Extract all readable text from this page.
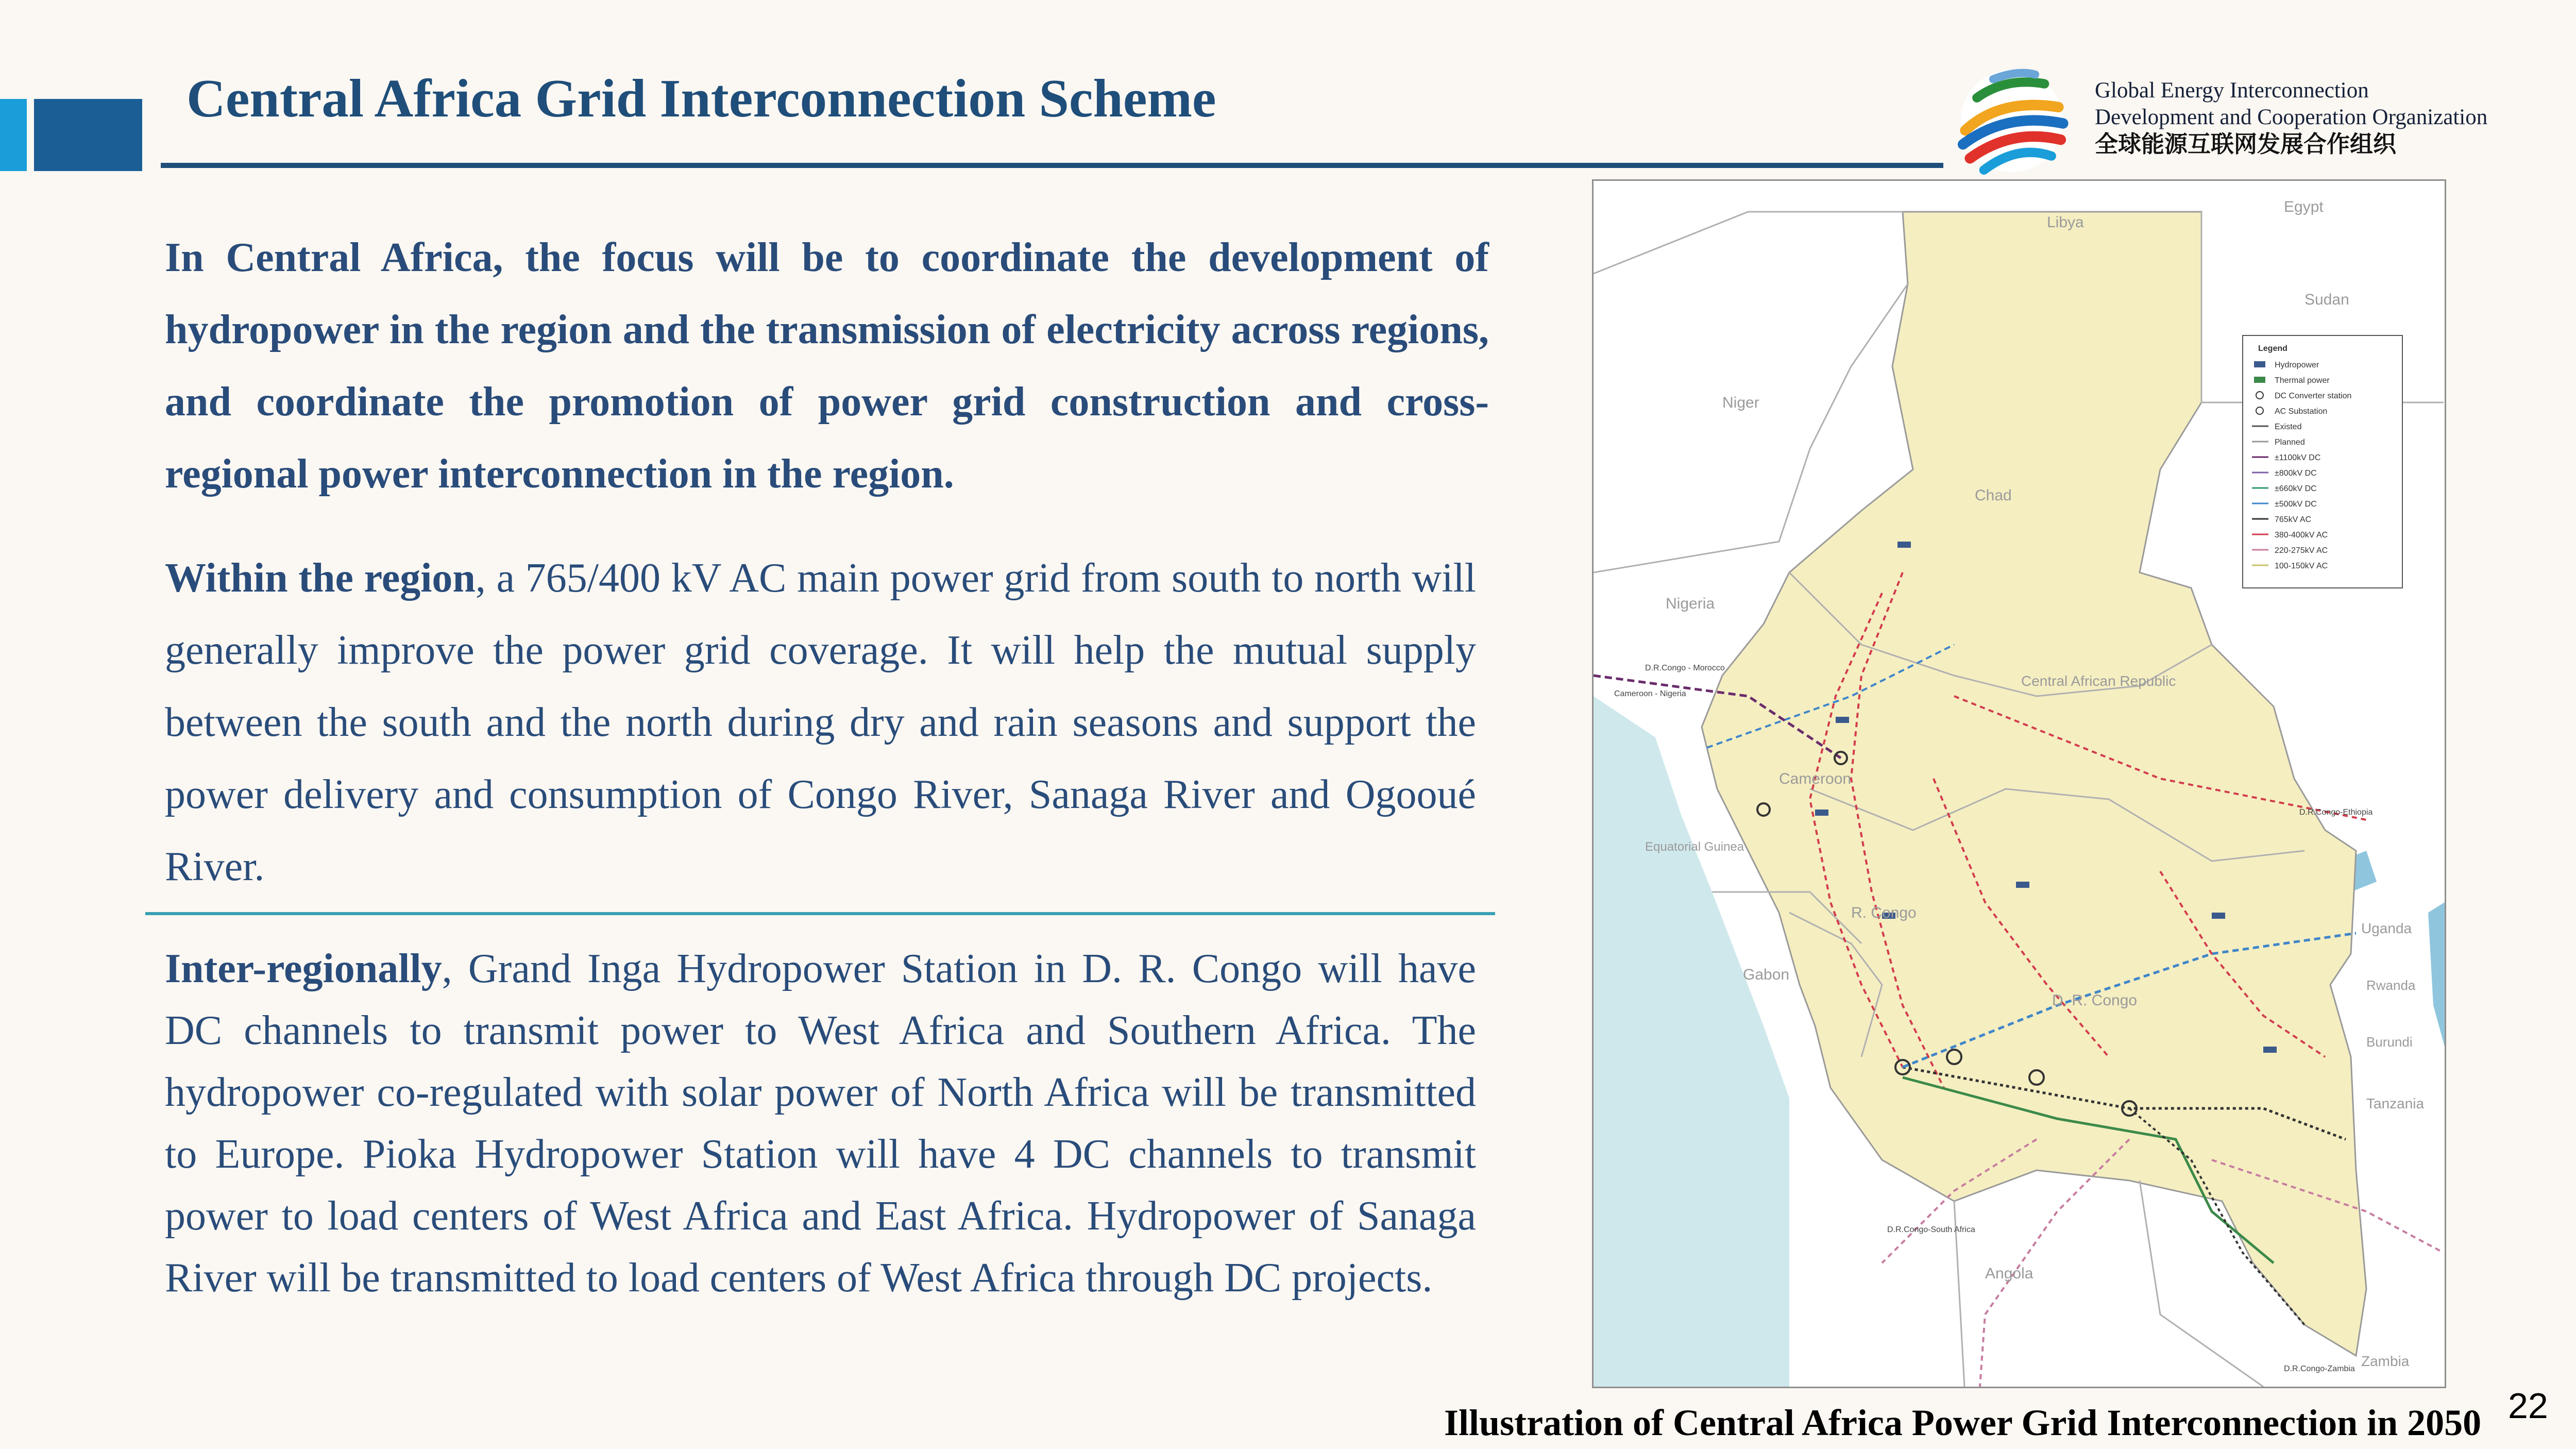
Central Africa Grid Interconnection Scheme	Global Energy Interconnection
Development and Cooperation Organization
全球能源互联网发展合作组织
In Central Africa, the focus will be to coordinate the development of hydropower in the region and the transmission of electricity across regions, and coordinate the promotion of power grid construction and cross-regional power interconnection in the region.
Within the region, a 765/400 kV AC main power grid from south to north will generally improve the power grid coverage. It will help the mutual supply between the south and the north during dry and rain seasons and support the power delivery and consumption of Congo River, Sanaga River and Ogooué River.
Inter-regionally, Grand Inga Hydropower Station in D. R. Congo will have DC channels to transmit power to West Africa and Southern Africa. The hydropower co-regulated with solar power of North Africa will be transmitted to Europe. Pioka Hydropower Station will have 4 DC channels to transmit power to load centers of West Africa and East Africa. Hydropower of Sanaga River will be transmitted to load centers of West Africa through DC projects.
Legend
Hydropower
Thermal power
DC Converter station
AC Substation
Existed
Planned
±1100kV DC
±800kV DC
±660kV DC
±500kV DC
765kV AC
380-400kV AC
220-275kV AC
100-150kV AC
Libya
Egypt
Sudan
Niger
Chad
Nigeria
Central African Republic
Cameroon
Equatorial Guinea
Gabon
R. Congo
D. R. Congo
Uganda
Rwanda
Burundi
Tanzania
Angola
Zambia
D.R.Congo - Morocco
Cameroon - Nigeria
D.R.Congo-Ethiopia
D.R.Congo-South Africa
D.R.Congo-Zambia
Illustration of Central Africa Power Grid Interconnection in 2050 22
